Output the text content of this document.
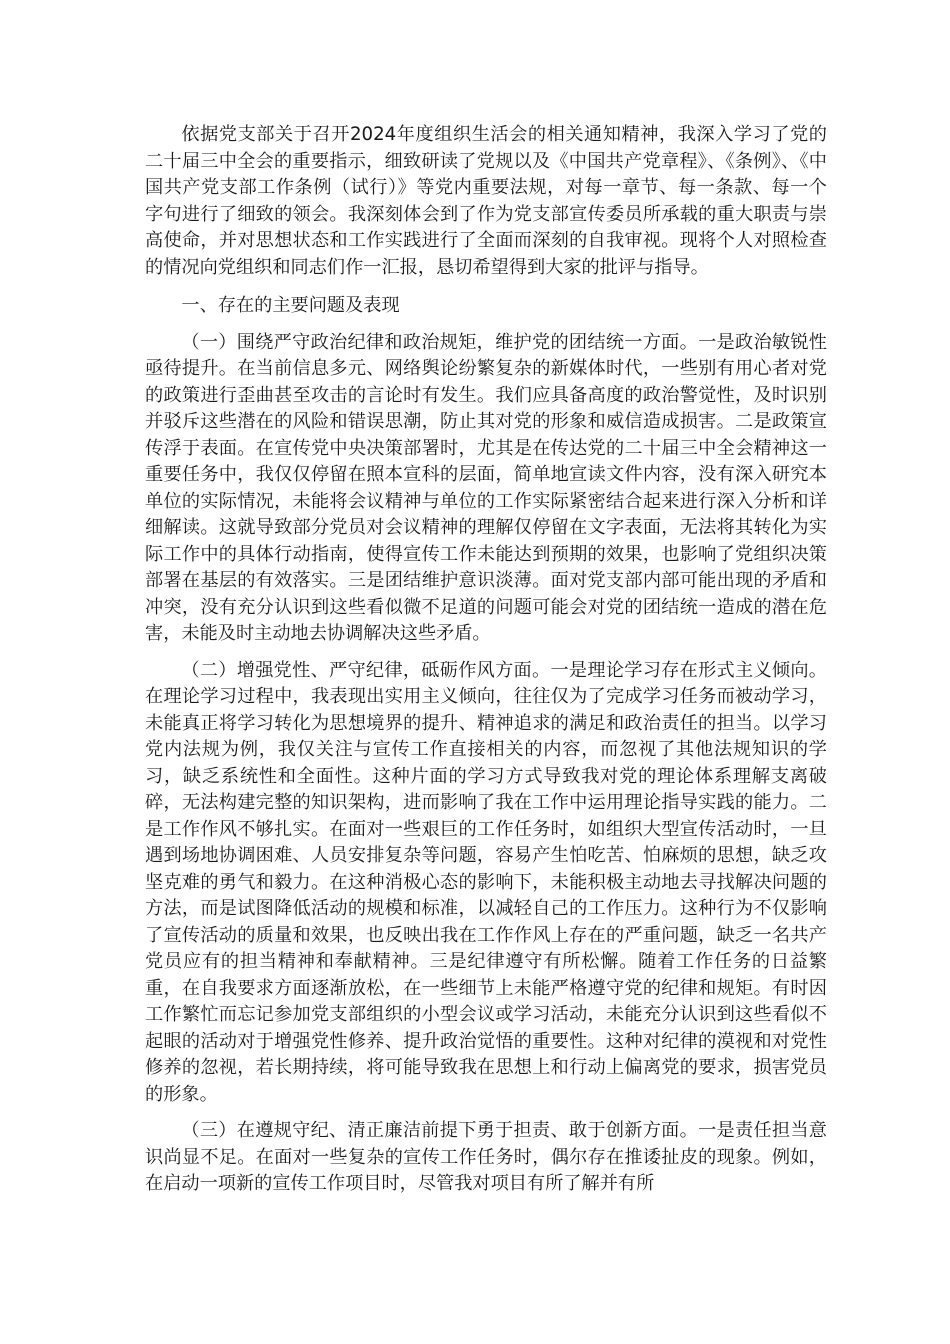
依据党支部关于召开2024年度组织生活会的相关通知精神，我深入学习了党的二十届三中全会的重要指示，细致研读了党规以及《中国共产党章程》、《条例》、《中国共产党支部工作条例（试行）》等党内重要法规，对每一章节、每一条款、每一个字句进行了细致的领会。我深刻体会到了作为党支部宣传委员所承载的重大职责与崇高使命，并对思想状态和工作实践进行了全面而深刻的自我审视。现将个人对照检查的情况向党组织和同志们作一汇报，恳切希望得到大家的批评与指导。

一、存在的主要问题及表现

（一）围绕严守政治纪律和政治规矩，维护党的团结统一方面。一是政治敏锐性亟待提升。在当前信息多元、网络舆论纷繁复杂的新媒体时代，一些别有用心者对党的政策进行歪曲甚至攻击的言论时有发生。我们应具备高度的政治警觉性，及时识别并驳斥这些潜在的风险和错误思潮，防止其对党的形象和威信造成损害。二是政策宣传浮于表面。在宣传党中央决策部署时，尤其是在传达党的二十届三中全会精神这一重要任务中，我仅仅停留在照本宣科的层面，简单地宣读文件内容，没有深入研究本单位的实际情况，未能将会议精神与单位的工作实际紧密结合起来进行深入分析和详细解读。这就导致部分党员对会议精神的理解仅停留在文字表面，无法将其转化为实际工作中的具体行动指南，使得宣传工作未能达到预期的效果，也影响了党组织决策部署在基层的有效落实。三是团结维护意识淡薄。面对党支部内部可能出现的矛盾和冲突，没有充分认识到这些看似微不足道的问题可能会对党的团结统一造成的潜在危害，未能及时主动地去协调解决这些矛盾。

（二）增强党性、严守纪律，砥砺作风方面。一是理论学习存在形式主义倾向。在理论学习过程中，我表现出实用主义倾向，往往仅为了完成学习任务而被动学习，未能真正将学习转化为思想境界的提升、精神追求的满足和政治责任的担当。以学习党内法规为例，我仅关注与宣传工作直接相关的内容，而忽视了其他法规知识的学习，缺乏系统性和全面性。这种片面的学习方式导致我对党的理论体系理解支离破碎，无法构建完整的知识架构，进而影响了我在工作中运用理论指导实践的能力。二是工作作风不够扎实。在面对一些艰巨的工作任务时，如组织大型宣传活动时，一旦遇到场地协调困难、人员安排复杂等问题，容易产生怕吃苦、怕麻烦的思想，缺乏攻坚克难的勇气和毅力。在这种消极心态的影响下，未能积极主动地去寻找解决问题的方法，而是试图降低活动的规模和标准，以减轻自己的工作压力。这种行为不仅影响了宣传活动的质量和效果，也反映出我在工作作风上存在的严重问题，缺乏一名共产党员应有的担当精神和奉献精神。三是纪律遵守有所松懈。随着工作任务的日益繁重，在自我要求方面逐渐放松，在一些细节上未能严格遵守党的纪律和规矩。有时因工作繁忙而忘记参加党支部组织的小型会议或学习活动，未能充分认识到这些看似不起眼的活动对于增强党性修养、提升政治觉悟的重要性。这种对纪律的漠视和对党性修养的忽视，若长期持续，将可能导致我在思想上和行动上偏离党的要求，损害党员的形象。

（三）在遵规守纪、清正廉洁前提下勇于担责、敢于创新方面。一是责任担当意识尚显不足。在面对一些复杂的宣传工作任务时，偶尔存在推诿扯皮的现象。例如，在启动一项新的宣传工作项目时，尽管我对项目有所了解并有所
